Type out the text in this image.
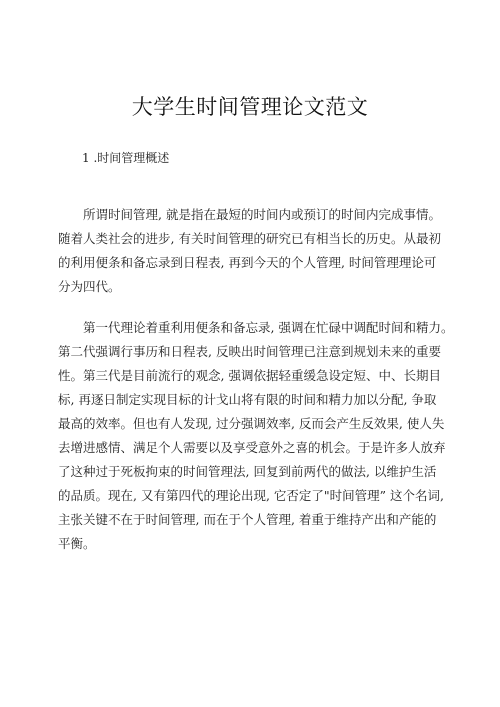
大学生时间管理论文范文
1 .时间管理概述
所谓时间管理, 就是指在最短的时间内或预订的时间内完成事情。
随着人类社会的进步, 有关时间管理的研究已有相当长的历史。从最初
的利用便条和备忘录到日程表, 再到今天的个人管理, 时间管理理论可
分为四代。
第一代理论着重利用便条和备忘录, 强调在忙碌中调配时间和精力。
第二代强调行事历和日程表, 反映出时间管理已注意到规划未来的重要
性。第三代是目前流行的观念, 强调依据轻重缓急设定短、中、长期目
标, 再逐日制定实现目标的计戈山将有限的时间和精力加以分配, 争取
最高的效率。但也有人发现, 过分强调效率, 反而会产生反效果, 使人失
去增进感情、满足个人需要以及享受意外之喜的机会。于是许多人放弃
了这种过于死板拘束的时间管理法, 回复到前两代的做法, 以维护生活
的品质。现在, 又有第四代的理论出现, 它否定了"时间管理” 这个名词,
主张关键不在于时间管理, 而在于个人管理, 着重于维持产出和产能的
平衡。
